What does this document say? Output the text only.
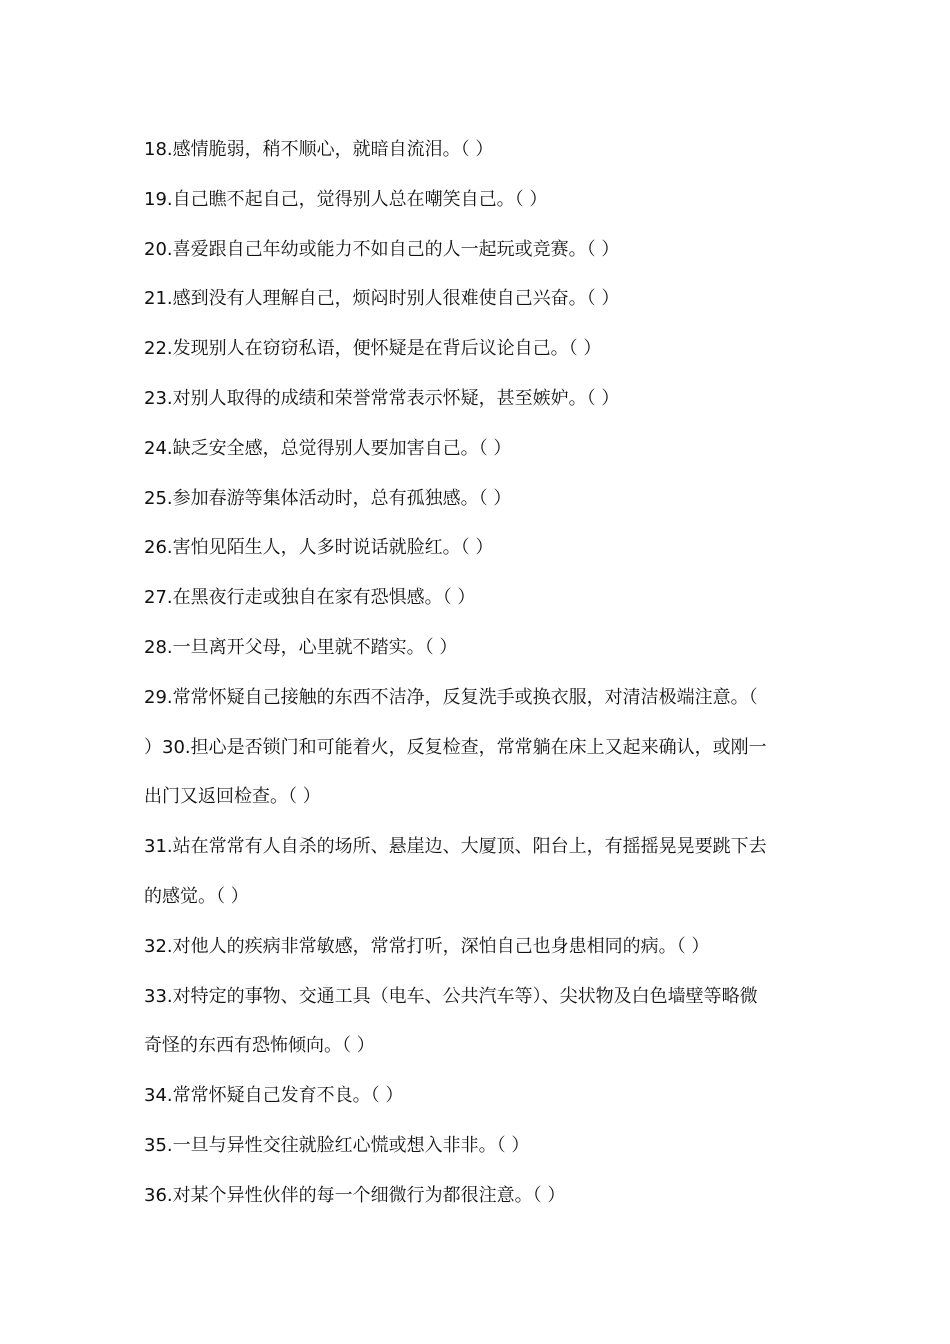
18.感情脆弱，稍不顺心，就暗自流泪。（ ）
19.自己瞧不起自己，觉得别人总在嘲笑自己。（ ）
20.喜爱跟自己年幼或能力不如自己的人一起玩或竞赛。（ ）
21.感到没有人理解自己，烦闷时别人很难使自己兴奋。（ ）
22.发现别人在窃窃私语，便怀疑是在背后议论自己。（ ）
23.对别人取得的成绩和荣誉常常表示怀疑，甚至嫉妒。（ ）
24.缺乏安全感，总觉得别人要加害自己。（ ）
25.参加春游等集体活动时，总有孤独感。（ ）
26.害怕见陌生人，人多时说话就脸红。（ ）
27.在黑夜行走或独自在家有恐惧感。（ ）
28.一旦离开父母，心里就不踏实。（ ）
29.常常怀疑自己接触的东西不洁净，反复洗手或换衣服，对清洁极端注意。（
）30.担心是否锁门和可能着火，反复检查，常常躺在床上又起来确认，或刚一
出门又返回检查。（ ）
31.站在常常有人自杀的场所、悬崖边、大厦顶、阳台上，有摇摇晃晃要跳下去
的感觉。（ ）
32.对他人的疾病非常敏感，常常打听，深怕自己也身患相同的病。（ ）
33.对特定的事物、交通工具（电车、公共汽车等）、尖状物及白色墙壁等略微
奇怪的东西有恐怖倾向。（ ）
34.常常怀疑自己发育不良。（ ）
35.一旦与异性交往就脸红心慌或想入非非。（ ）
36.对某个异性伙伴的每一个细微行为都很注意。（ ）
